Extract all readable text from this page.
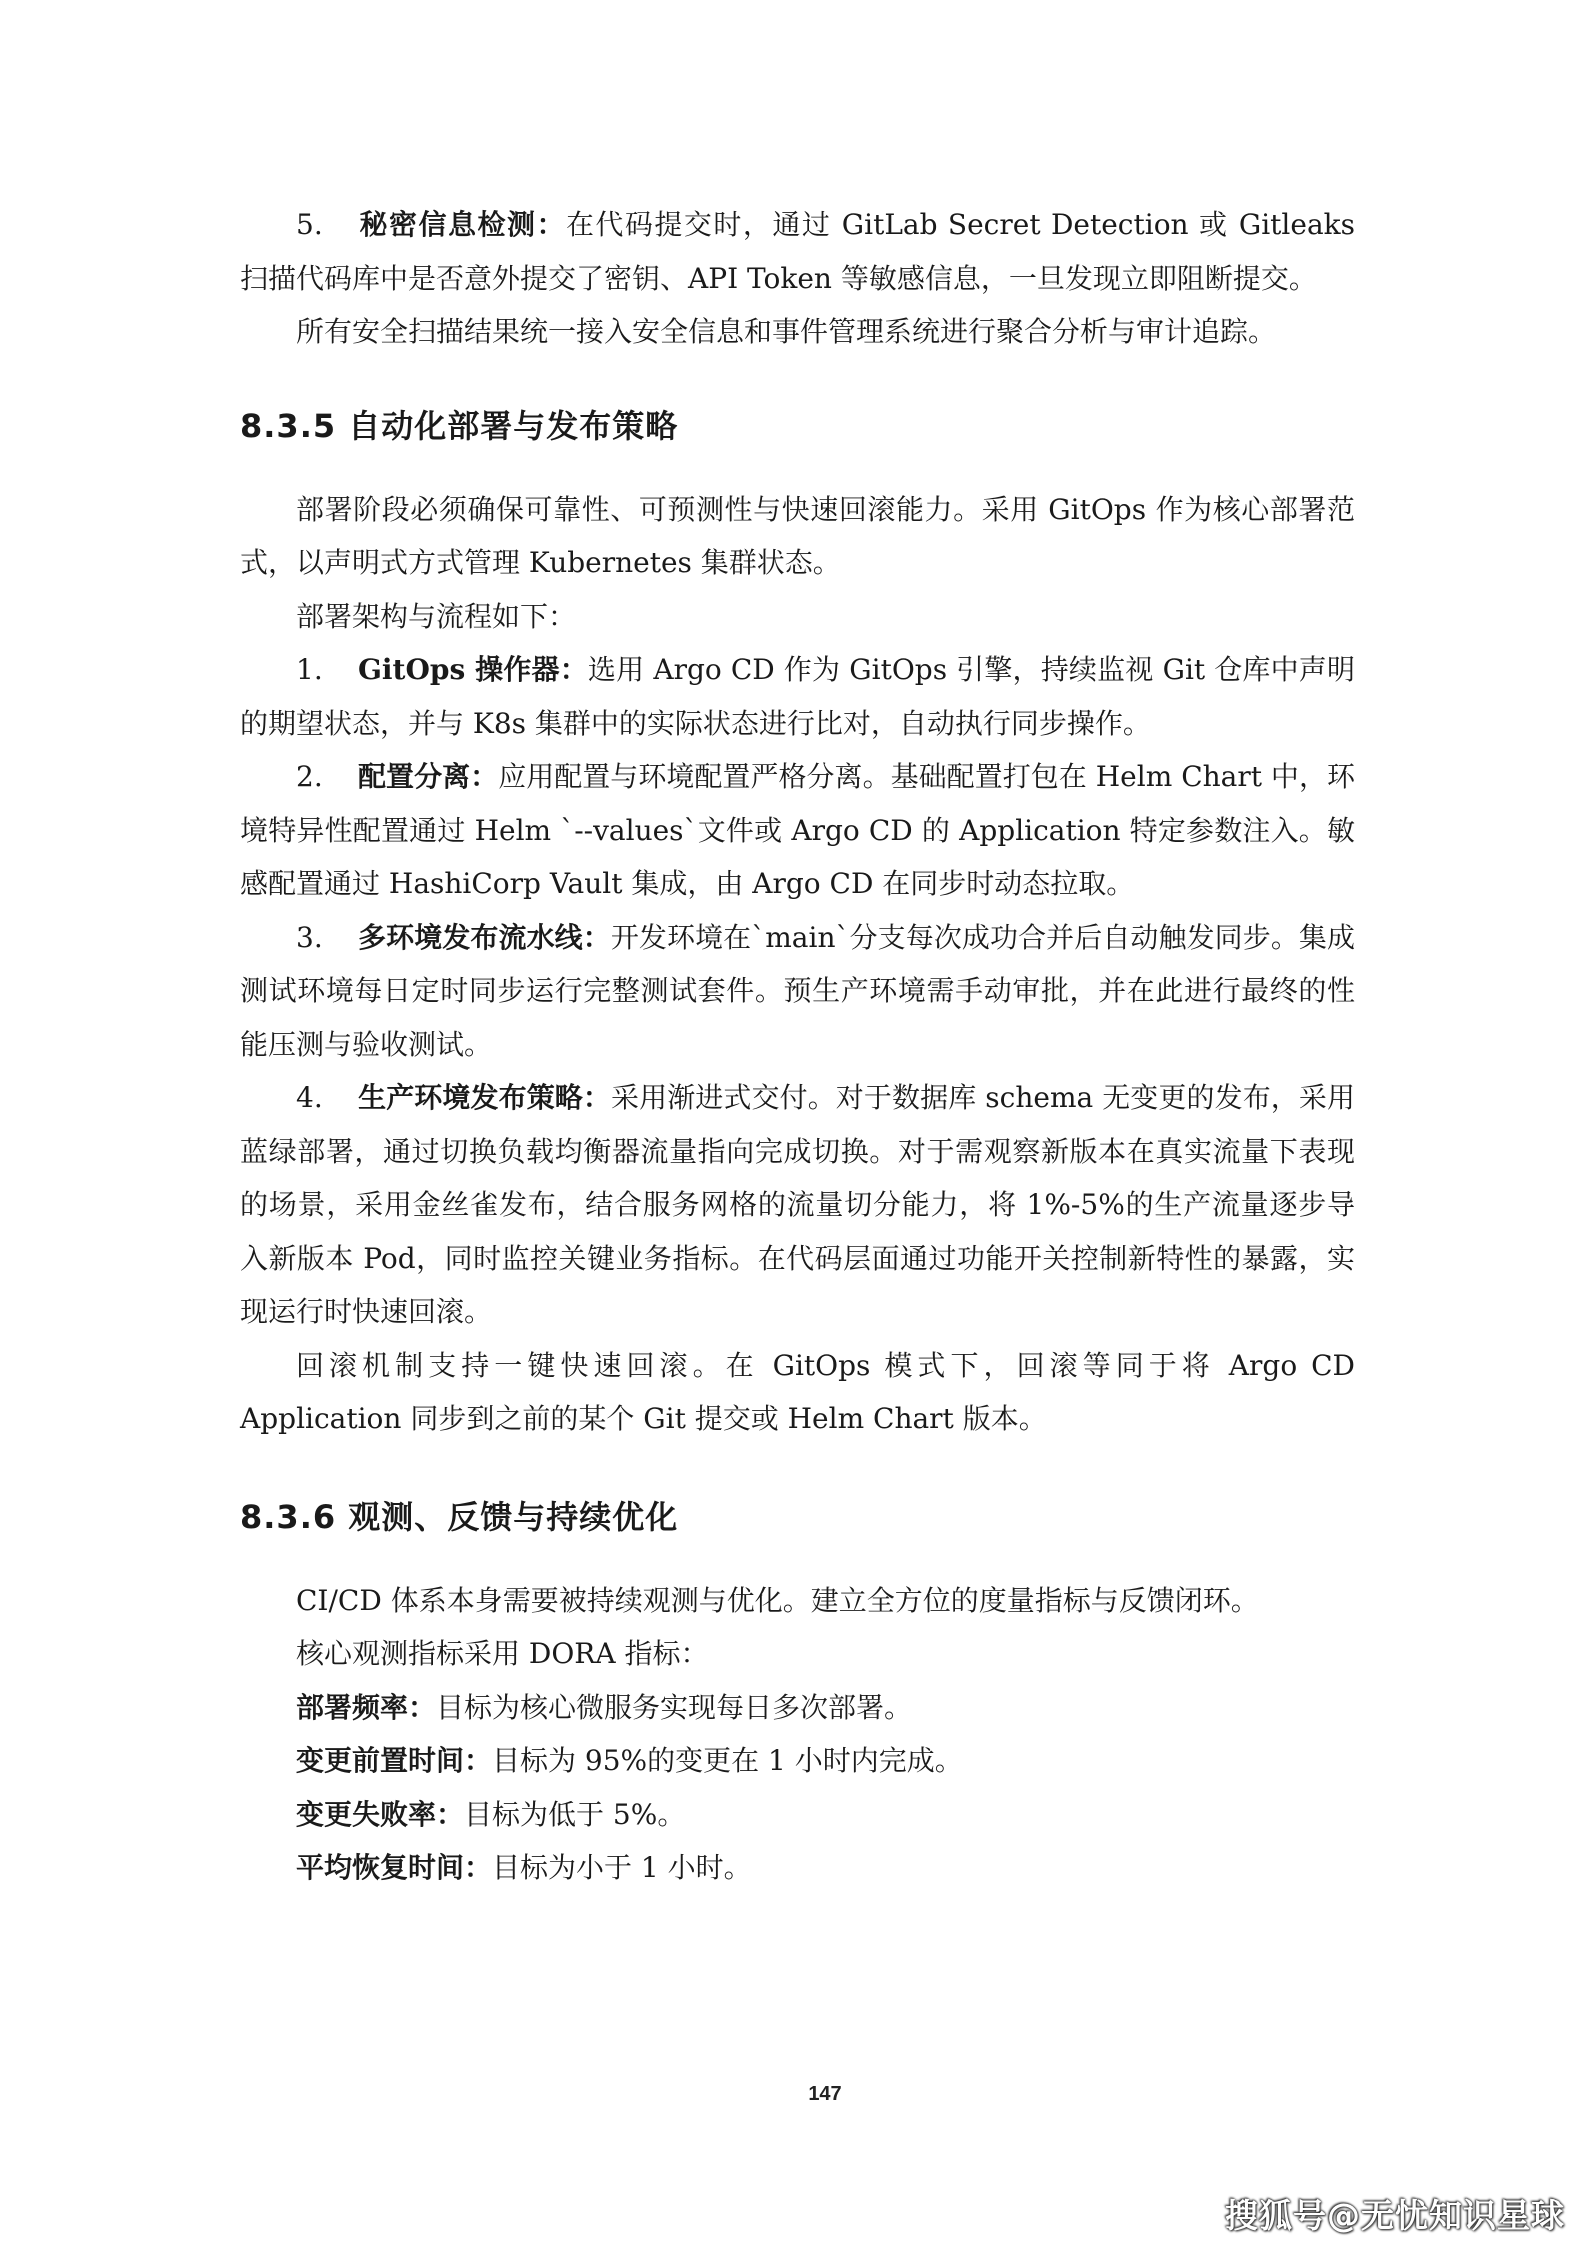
5. 秘密信息检测：在代码提交时，通过 GitLab Secret Detection 或 Gitleaks 扫描代码库中是否意外提交了密钥、API Token 等敏感信息，一旦发现立即阻断提交。

所有安全扫描结果统一接入安全信息和事件管理系统进行聚合分析与审计追踪。

8.3.5 自动化部署与发布策略

部署阶段必须确保可靠性、可预测性与快速回滚能力。采用 GitOps 作为核心部署范式，以声明式方式管理 Kubernetes 集群状态。

部署架构与流程如下：

1. GitOps 操作器：选用 Argo CD 作为 GitOps 引擎，持续监视 Git 仓库中声明的期望状态，并与 K8s 集群中的实际状态进行比对，自动执行同步操作。

2. 配置分离：应用配置与环境配置严格分离。基础配置打包在 Helm Chart 中，环境特异性配置通过 Helm `--values`文件或 Argo CD 的 Application 特定参数注入。敏感配置通过 HashiCorp Vault 集成，由 Argo CD 在同步时动态拉取。

3. 多环境发布流水线：开发环境在`main`分支每次成功合并后自动触发同步。集成测试环境每日定时同步运行完整测试套件。预生产环境需手动审批，并在此进行最终的性能压测与验收测试。

4. 生产环境发布策略：采用渐进式交付。对于数据库 schema 无变更的发布，采用蓝绿部署，通过切换负载均衡器流量指向完成切换。对于需观察新版本在真实流量下表现的场景，采用金丝雀发布，结合服务网格的流量切分能力，将 1%-5%的生产流量逐步导入新版本 Pod，同时监控关键业务指标。在代码层面通过功能开关控制新特性的暴露，实现运行时快速回滚。

回滚机制支持一键快速回滚。在 GitOps 模式下，回滚等同于将 Argo CD Application 同步到之前的某个 Git 提交或 Helm Chart 版本。

8.3.6 观测、反馈与持续优化

CI/CD 体系本身需要被持续观测与优化。建立全方位的度量指标与反馈闭环。

核心观测指标采用 DORA 指标：

部署频率：目标为核心微服务实现每日多次部署。

变更前置时间：目标为 95%的变更在 1 小时内完成。

变更失败率：目标为低于 5%。

平均恢复时间：目标为小于 1 小时。

147
搜狐号@无忧知识星球
